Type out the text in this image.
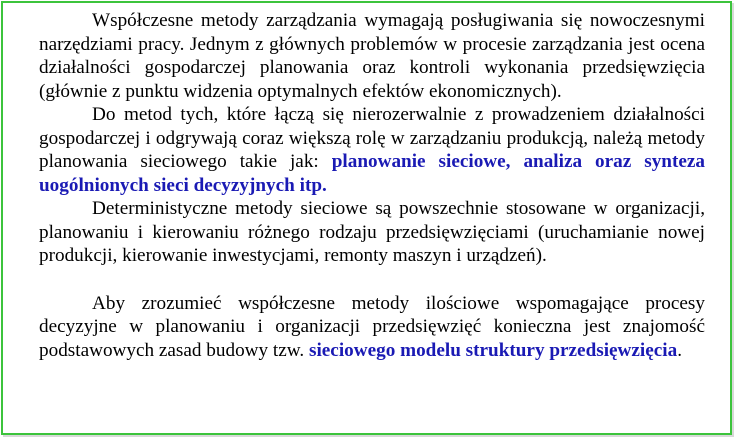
Współczesne metody zarządzania wymagają posługiwania się nowoczesnymi narzędziami pracy. Jednym z głównych problemów w procesie zarządzania jest ocena działalności gospodarczej planowania oraz kontroli wykonania przedsięwzięcia (głównie z punktu widzenia optymalnych efektów ekonomicznych).

Do metod tych, które łączą się nierozerwalnie z prowadzeniem działalności gospodarczej i odgrywają coraz większą rolę w zarządzaniu produkcją, należą metody planowania sieciowego takie jak: planowanie sieciowe, analiza oraz synteza uogólnionych sieci decyzyjnych itp.

Deterministyczne metody sieciowe są powszechnie stosowane w organizacji, planowaniu i kierowaniu różnego rodzaju przedsięwzięciami (uruchamianie nowej produkcji, kierowanie inwestycjami, remonty maszyn i urządzeń).

Aby zrozumieć współczesne metody ilościowe wspomagające procesy decyzyjne w planowaniu i organizacji przedsięwzięć konieczna jest znajomość podstawowych zasad budowy tzw. sieciowego modelu struktury przedsięwzięcia.
